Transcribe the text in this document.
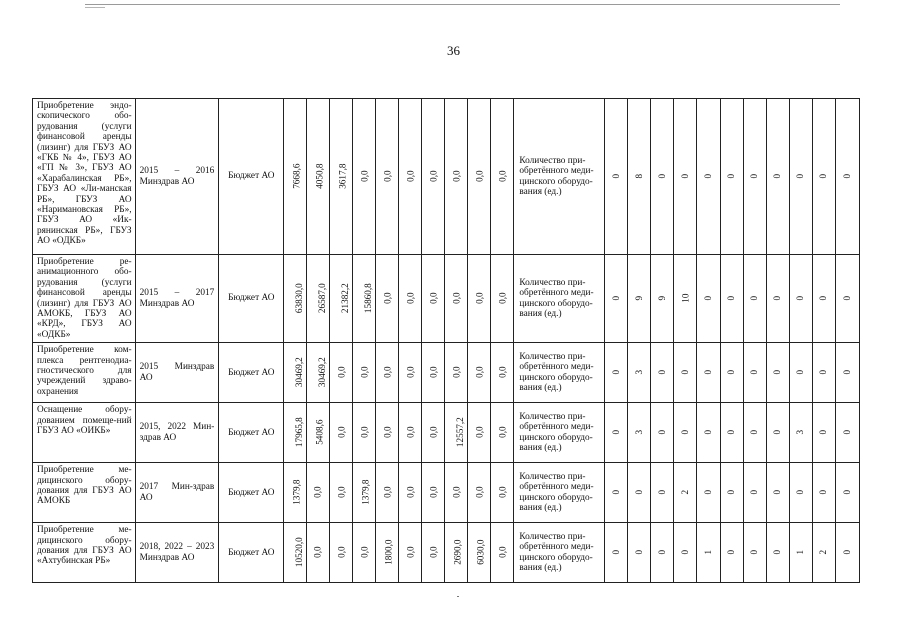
36
Приобретение эндо-скопического обо-рудования (услуги финансовой аренды (лизинг) для ГБУЗ АО «ГКБ № 4», ГБУЗ АО «ГП № 3», ГБУЗ АО «Харабалинская РБ», ГБУЗ АО «Ли-манская РБ», ГБУЗ АО «Наримановская РБ», ГБУЗ АО «Ик-рянинская РБ», ГБУЗ АО «ОДКБ»	2015 – 2016 Минздрав АО	Бюджет АО	7668,6	4050,8	3617,8	0,0	0,0	0,0	0,0	0,0	0,0	0,0	Количество при-обретённого меди-цинского оборудо-вания (ед.)	0	8	0	0	0	0	0	0	0	0	0
Приобретение ре-анимационного обо-рудования (услуги финансовой аренды (лизинг) для ГБУЗ АО АМОКБ, ГБУЗ АО «КРД», ГБУЗ АО «ОДКБ»	2015 – 2017 Минздрав АО	Бюджет АО	63830,0	26587,0	21382,2	15860,8	0,0	0,0	0,0	0,0	0,0	0,0	Количество при-обретённого меди-цинского оборудо-вания (ед.)	0	9	9	10	0	0	0	0	0	0	0
Приобретение ком-плекса рентгенодиа-гностического для учреждений здраво-охранения	2015 Минздрав АО	Бюджет АО	30469,2	30469,2	0,0	0,0	0,0	0,0	0,0	0,0	0,0	0,0	Количество при-обретённого меди-цинского оборудо-вания (ед.)	0	3	0	0	0	0	0	0	0	0	0
Оснащение обору-дованием помеще-ний ГБУЗ АО «ОИКБ»	2015, 2022 Мин-здрав АО	Бюджет АО	17965,8	5408,6	0,0	0,0	0,0	0,0	0,0	12557,2	0,0	0,0	Количество при-обретённого меди-цинского оборудо-вания (ед.)	0	3	0	0	0	0	0	0	3	0	0
Приобретение ме-дицинского обору-дования для ГБУЗ АО АМОКБ	2017 Мин-здрав АО	Бюджет АО	1379,8	0,0	0,0	1379,8	0,0	0,0	0,0	0,0	0,0	0,0	Количество при-обретённого меди-цинского оборудо-вания (ед.)	0	0	0	2	0	0	0	0	0	0	0
Приобретение ме-дицинского обору-дования для ГБУЗ АО «Ахтубинская РБ»	2018, 2022 – 2023 Минздрав АО	Бюджет АО	10520,0	0,0	0,0	0,0	1800,0	0,0	0,0	2690,0	6030,0	0,0	Количество при-обретённого меди-цинского оборудо-вания (ед.)	0	0	0	0	1	0	0	0	1	2	0
